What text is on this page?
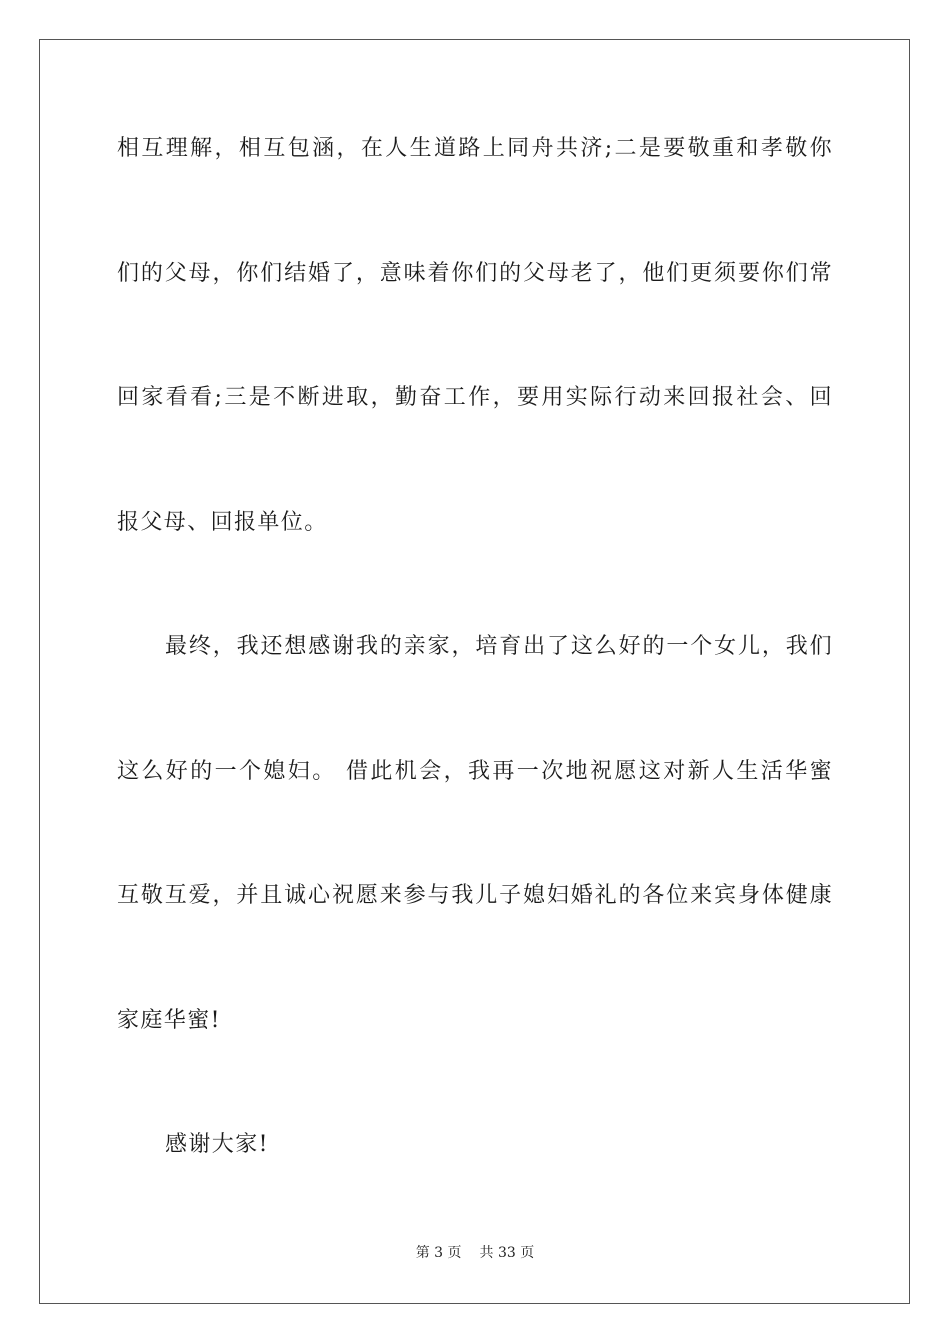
相互理解，相互包涵，在人生道路上同舟共济;二是要敬重和孝敬你
们的父母，你们结婚了，意味着你们的父母老了，他们更须要你们常
回家看看;三是不断进取，勤奋工作，要用实际行动来回报社会、回
报父母、回报单位。
最终，我还想感谢我的亲家，培育出了这么好的一个女儿，我们
这么好的一个媳妇。 借此机会，我再一次地祝愿这对新人生活华蜜
互敬互爱，并且诚心祝愿来参与我儿子媳妇婚礼的各位来宾身体健康
家庭华蜜!
感谢大家!
第 3 页 共 33 页
